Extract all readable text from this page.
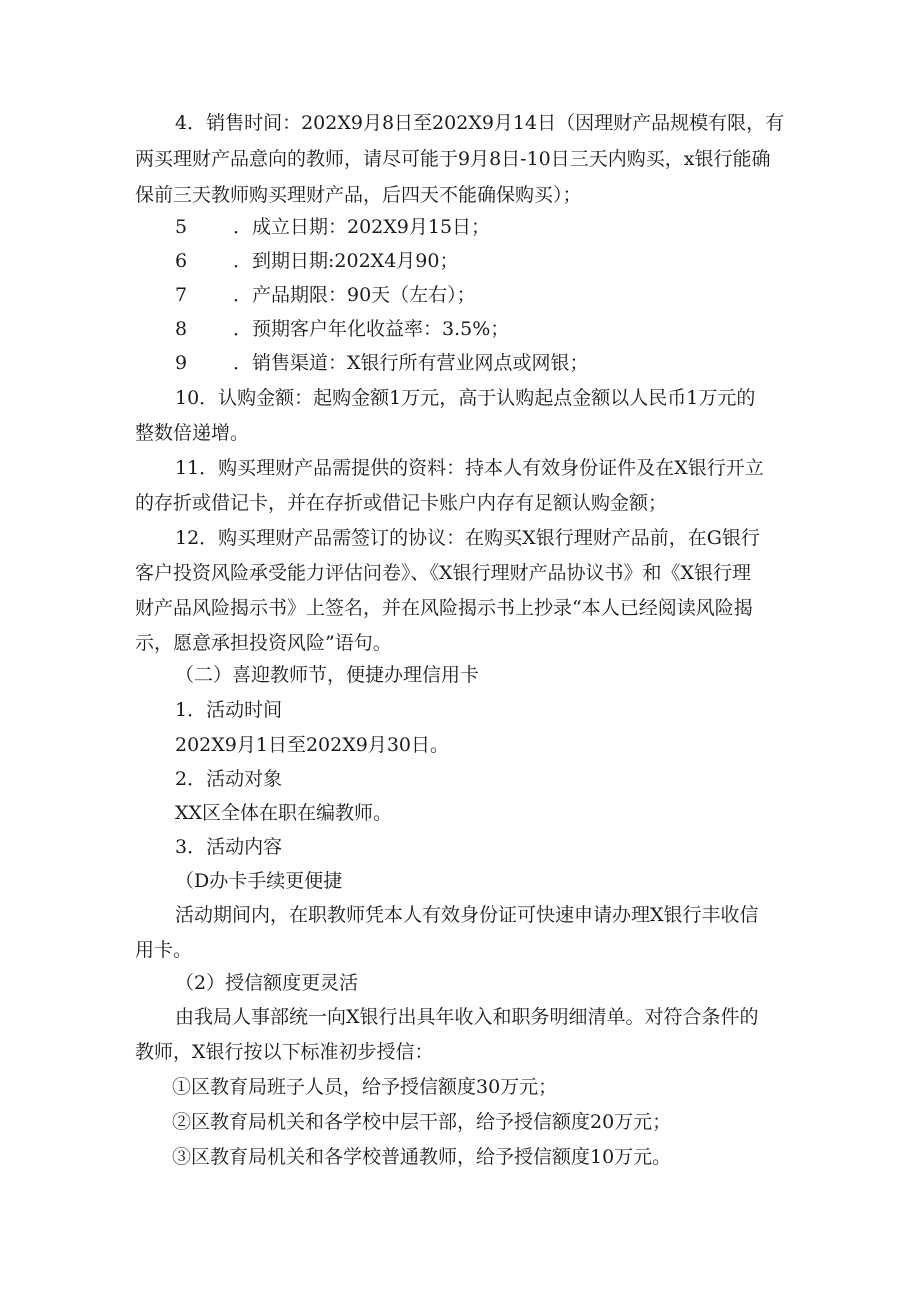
4．销售时间：202X9月8日至202X9月14日（因理财产品规模有限，有
两买理财产品意向的教师，请尽可能于9月8日-10日三天内购买，x银行能确
保前三天教师购买理财产品，后四天不能确保购买）；
5 ．成立日期：202X9月15日；
6 ．到期日期:202X4月90；
7 ．产品期限：90天（左右）；
8 ．预期客户年化收益率：3.5%；
9 ．销售渠道：X银行所有营业网点或网银；
10．认购金额：起购金额1万元，高于认购起点金额以人民币1万元的
整数倍递增。
11．购买理财产品需提供的资料：持本人有效身份证件及在X银行开立
的存折或借记卡，并在存折或借记卡账户内存有足额认购金额；
12．购买理财产品需签订的协议：在购买X银行理财产品前，在G银行
客户投资风险承受能力评估问卷》、《X银行理财产品协议书》和《X银行理
财产品风险揭示书》上签名，并在风险揭示书上抄录“本人已经阅读风险揭
示，愿意承担投资风险”语句。
（二）喜迎教师节，便捷办理信用卡
1．活动时间
202X9月1日至202X9月30日。
2．活动对象
XX区全体在职在编教师。
3．活动内容
（D办卡手续更便捷
活动期间内，在职教师凭本人有效身份证可快速申请办理X银行丰收信
用卡。
（2）授信额度更灵活
由我局人事部统一向X银行出具年收入和职务明细清单。对符合条件的
教师，X银行按以下标准初步授信：
①区教育局班子人员，给予授信额度30万元；
②区教育局机关和各学校中层干部，给予授信额度20万元；
③区教育局机关和各学校普通教师，给予授信额度10万元。
